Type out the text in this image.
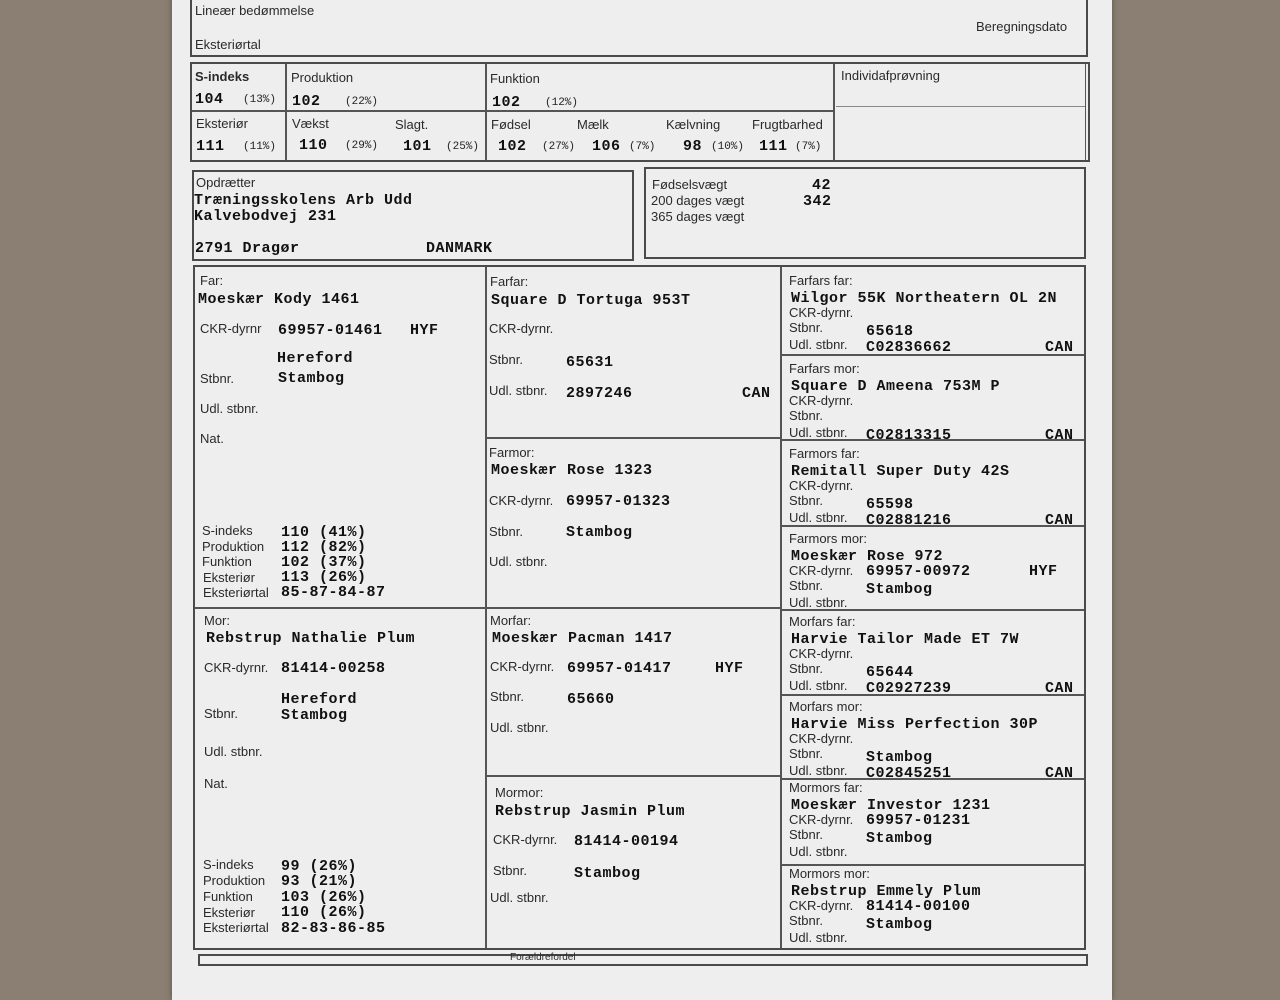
Lineær bedømmelse
Beregningsdato
Eksteriørtal
S-indeks
104 (13%)
Produktion
102 (22%)
Funktion
102 (12%)
Individafprøvning
Eksteriør
111 (11%)
Vækst
110 (29%)
Slagt.
101 (25%)
Fødsel
102 (27%)
Mælk
106 (7%)
Kælvning
98 (10%)
Frugtbarhed
111 (7%)
Opdrætter
Træningsskolens Arb Udd
Kalvebodvej 231
2791 Dragør	DANMARK
Fødselsvægt	42
200 dages vægt	342
365 dages vægt
Far:
Moeskær Kody 1461
CKR-dyrnr 69957-01461 HYF
Hereford
Stbnr.	Stambog
Udl. stbnr.
Nat.
S-indeks 110 (41%)
Produktion 112 (82%)
Funktion 102 (37%)
Eksteriør 113 (26%)
Eksteriørtal 85-87-84-87
Mor:
Rebstrup Nathalie Plum
CKR-dyrnr. 81414-00258
Hereford
Stbnr.	Stambog
Udl. stbnr.
Nat.
S-indeks 99 (26%)
Produktion 93 (21%)
Funktion 103 (26%)
Eksteriør 110 (26%)
Eksteriørtal 82-83-86-85
Farfar:
Square D Tortuga 953T
CKR-dyrnr.
Stbnr.	65631
Udl. stbnr. 2897246	CAN
Farmor:
Moeskær Rose 1323
CKR-dyrnr. 69957-01323
Stbnr.	Stambog
Udl. stbnr.
Morfar:
Moeskær Pacman 1417
CKR-dyrnr. 69957-01417	HYF
Stbnr.	65660
Udl. stbnr.
Mormor:
Rebstrup Jasmin Plum
CKR-dyrnr. 81414-00194
Stbnr.	Stambog
Udl. stbnr.
Farfars far:
Wilgor 55K Northeatern OL 2N
CKR-dyrnr.
Stbnr.	65618
Udl. stbnr. C02836662	CAN
Farfars mor:
Square D Ameena 753M P
CKR-dyrnr.
Stbnr.
Udl. stbnr. C02813315	CAN
Farmors far:
Remitall Super Duty 42S
CKR-dyrnr.
Stbnr.	65598
Udl. stbnr. C02881216	CAN
Farmors mor:
Moeskær Rose 972
CKR-dyrnr. 69957-00972	HYF
Stbnr.	Stambog
Udl. stbnr.
Morfars far:
Harvie Tailor Made ET 7W
CKR-dyrnr.
Stbnr.	65644
Udl. stbnr. C02927239	CAN
Morfars mor:
Harvie Miss Perfection 30P
CKR-dyrnr.
Stbnr.	Stambog
Udl. stbnr. C02845251	CAN
Mormors far:
Moeskær Investor 1231
CKR-dyrnr. 69957-01231
Stbnr.	Stambog
Udl. stbnr.
Mormors mor:
Rebstrup Emmely Plum
CKR-dyrnr. 81414-00100
Stbnr.	Stambog
Udl. stbnr.
Forældrefordel
